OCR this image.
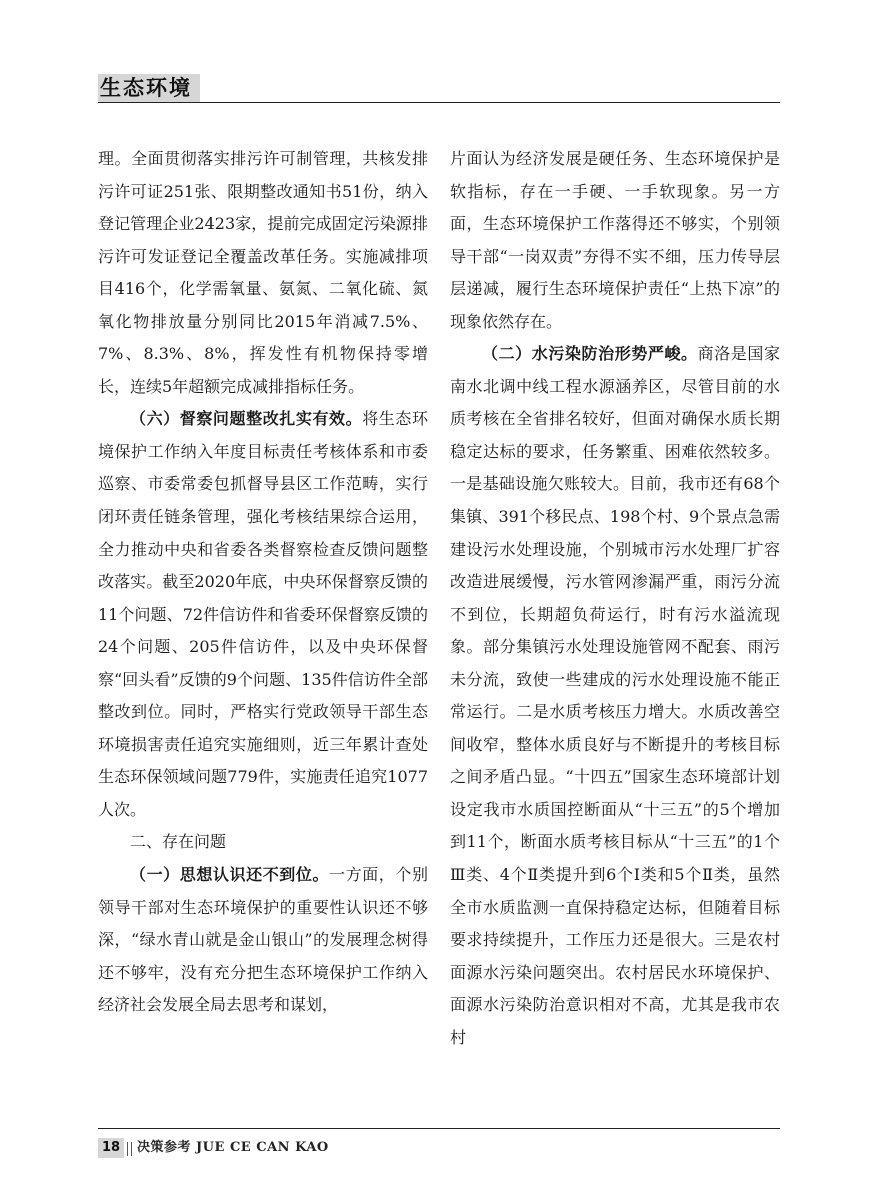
生态环境

理。全面贯彻落实排污许可制管理，共核发排污许可证251张、限期整改通知书51份，纳入登记管理企业2423家，提前完成固定污染源排污许可发证登记全覆盖改革任务。实施减排项目416个，化学需氧量、氨氮、二氧化硫、氮氧化物排放量分别同比2015年消减7.5%、7%、8.3%、8%，挥发性有机物保持零增长，连续5年超额完成减排指标任务。

（六）督察问题整改扎实有效。将生态环境保护工作纳入年度目标责任考核体系和市委巡察、市委常委包抓督导县区工作范畴，实行闭环责任链条管理，强化考核结果综合运用，全力推动中央和省委各类督察检查反馈问题整改落实。截至2020年底，中央环保督察反馈的11个问题、72件信访件和省委环保督察反馈的24个问题、205件信访件，以及中央环保督察“回头看”反馈的9个问题、135件信访件全部整改到位。同时，严格实行党政领导干部生态环境损害责任追究实施细则，近三年累计查处生态环保领域问题779件，实施责任追究1077人次。

二、存在问题

（一）思想认识还不到位。一方面，个别领导干部对生态环境保护的重要性认识还不够深，“绿水青山就是金山银山”的发展理念树得还不够牢，没有充分把生态环境保护工作纳入经济社会发展全局去思考和谋划，

片面认为经济发展是硬任务、生态环境保护是软指标，存在一手硬、一手软现象。另一方面，生态环境保护工作落得还不够实，个别领导干部“一岗双责”夯得不实不细，压力传导层层递减，履行生态环境保护责任“上热下凉”的现象依然存在。

（二）水污染防治形势严峻。商洛是国家南水北调中线工程水源涵养区，尽管目前的水质考核在全省排名较好，但面对确保水质长期稳定达标的要求，任务繁重、困难依然较多。一是基础设施欠账较大。目前，我市还有68个集镇、391个移民点、198个村、9个景点急需建设污水处理设施，个别城市污水处理厂扩容改造进展缓慢，污水管网渗漏严重，雨污分流不到位，长期超负荷运行，时有污水溢流现象。部分集镇污水处理设施管网不配套、雨污未分流，致使一些建成的污水处理设施不能正常运行。二是水质考核压力增大。水质改善空间收窄，整体水质良好与不断提升的考核目标之间矛盾凸显。“十四五”国家生态环境部计划设定我市水质国控断面从“十三五”的5个增加到11个，断面水质考核目标从“十三五”的1个Ⅲ类、4个Ⅱ类提升到6个Ⅰ类和5个Ⅱ类，虽然全市水质监测一直保持稳定达标，但随着目标要求持续提升，工作压力还是很大。三是农村面源水污染问题突出。农村居民水环境保护、面源水污染防治意识相对不高，尤其是我市农村

18	决策参考 JUE CE CAN KAO
